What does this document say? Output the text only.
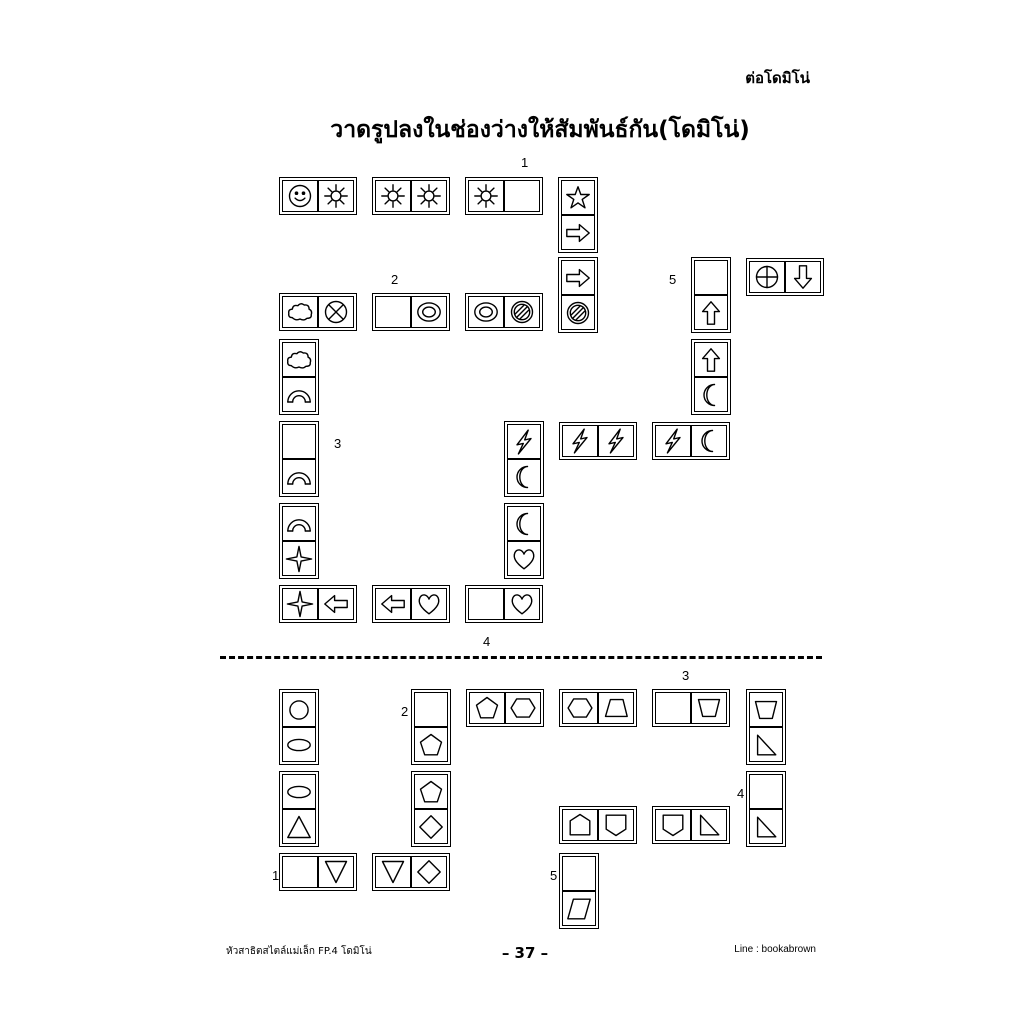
ต่อโดมิโน่
วาดรูปลงในช่องว่างให้สัมพันธ์กัน(โดมิโน่)
1
2
3
4
5
1
2
3
4
5
หัวสาธิตสไตล์แม่เล็ก FP.4 โดมิโน่	– 37 –	Line : bookabrown
